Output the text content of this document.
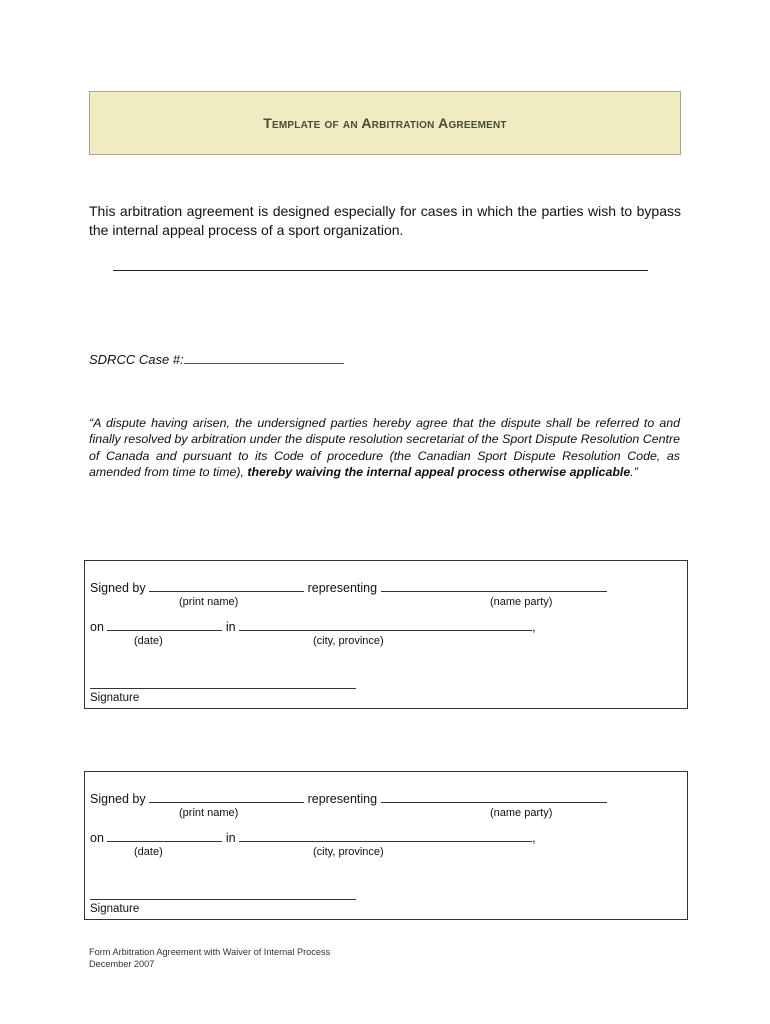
Template of an Arbitration Agreement
This arbitration agreement is designed especially for cases in which the parties wish to bypass the internal appeal process of a sport organization.
SDRCC Case #:
“A dispute having arisen, the undersigned parties hereby agree that the dispute shall be referred to and finally resolved by arbitration under the dispute resolution secretariat of the Sport Dispute Resolution Centre of Canada and pursuant to its Code of procedure (the Canadian Sport Dispute Resolution Code, as amended from time to time), thereby waiving the internal appeal process otherwise applicable.”
Signed by	representing
(print name)	(name party)
on	in	,
(date)	(city, province)
Signature
Signed by	representing
(print name)	(name party)
on	in	,
(date)	(city, province)
Signature
Form Arbitration Agreement with Waiver of Internal Process
December 2007
